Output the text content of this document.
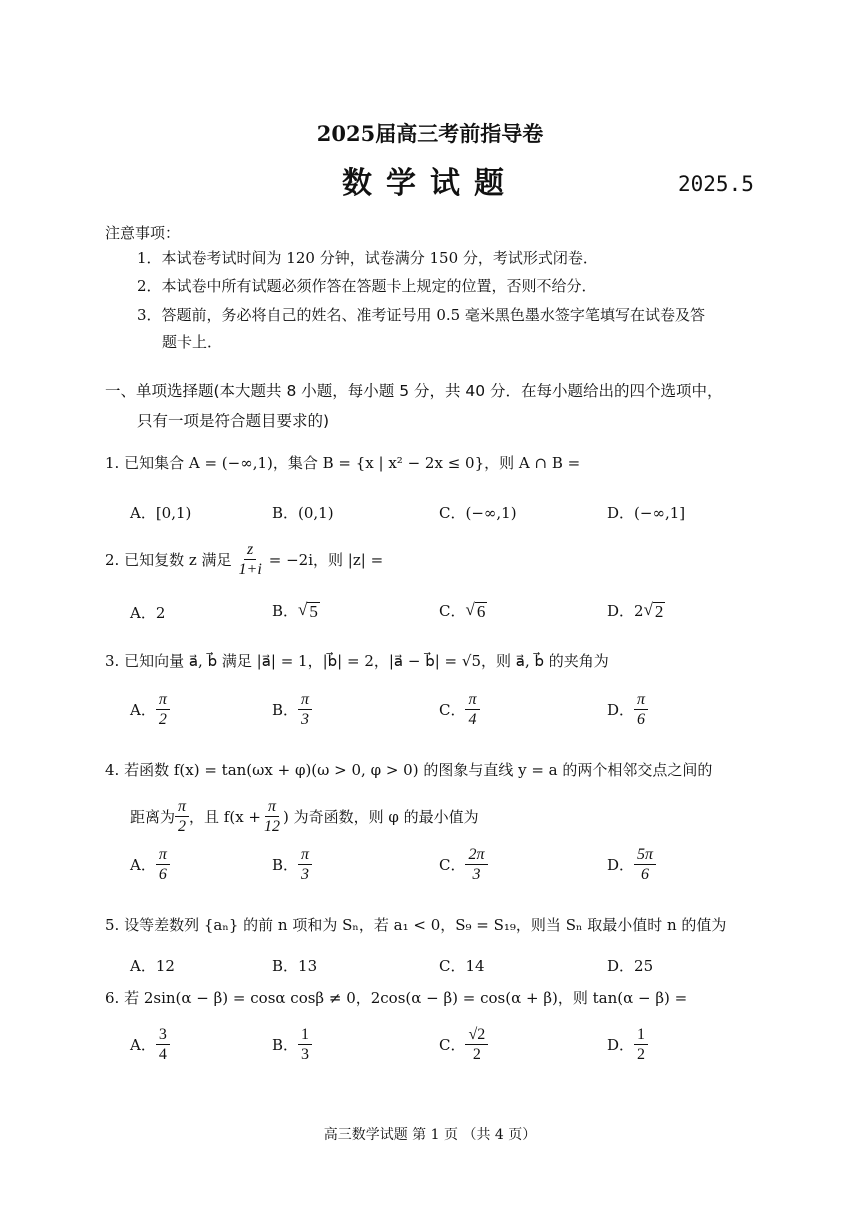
2025届高三考前指导卷
数学试题	2025.5
注意事项：
1．本试卷考试时间为 120 分钟，试卷满分 150 分，考试形式闭卷．
2．本试卷中所有试题必须作答在答题卡上规定的位置，否则不给分．
3．答题前，务必将自己的姓名、准考证号用 0.5 毫米黑色墨水签字笔填写在试卷及答
题卡上．
一、单项选择题(本大题共 8 小题，每小题 5 分，共 40 分．在每小题给出的四个选项中，
只有一项是符合题目要求的)
1. 已知集合 A = (−∞,1)，集合 B = {x | x² − 2x ≤ 0}，则 A ∩ B =
A．[0,1)	B．(0,1)	C．(−∞,1)	D．(−∞,1]
2. 已知复数 z 满足 $\frac{z}{1+i} = -2i$，则 |z| =
A．2	B． √ 5	C． √ 6	D．2 √ 2
3. 已知向量 a⃗, b⃗ 满足 |a⃗| = 1，|b⃗| = 2，|a⃗ − b⃗| = √5，则 a⃗, b⃗ 的夹角为
A． $\frac{\pi}{2}$	B． $\frac{\pi}{3}$	C． $\frac{\pi}{4}$	D． $\frac{\pi}{6}$
4. 若函数 f(x) = tan(ωx + φ)(ω > 0, φ > 0) 的图象与直线 y = a 的两个相邻交点之间的
距离为 $\frac{\pi}{2}$ ，且 $f(x + \frac{\pi}{12}$ ) 为奇函数，则 φ 的最小值为
A． $\frac{\pi}{6}$	B． $\frac{\pi}{3}$	C． $\frac{2\pi}{3}$	D． $\frac{5\pi}{6}$
5. 设等差数列 {aₙ} 的前 n 项和为 Sₙ，若 a₁ < 0，S₉ = S₁₉，则当 Sₙ 取最小值时 n 的值为
A．12	B．13	C．14	D．25
6. 若 2sin(α − β) = cosα cosβ ≠ 0，2cos(α − β) = cos(α + β)，则 tan(α − β) =
A． $\frac{3}{4}$	B． $\frac{1}{3}$	C． $\frac{√2}{2}$	D． $\frac{1}{2}$
高三数学试题 第 1 页 （共 4 页）
